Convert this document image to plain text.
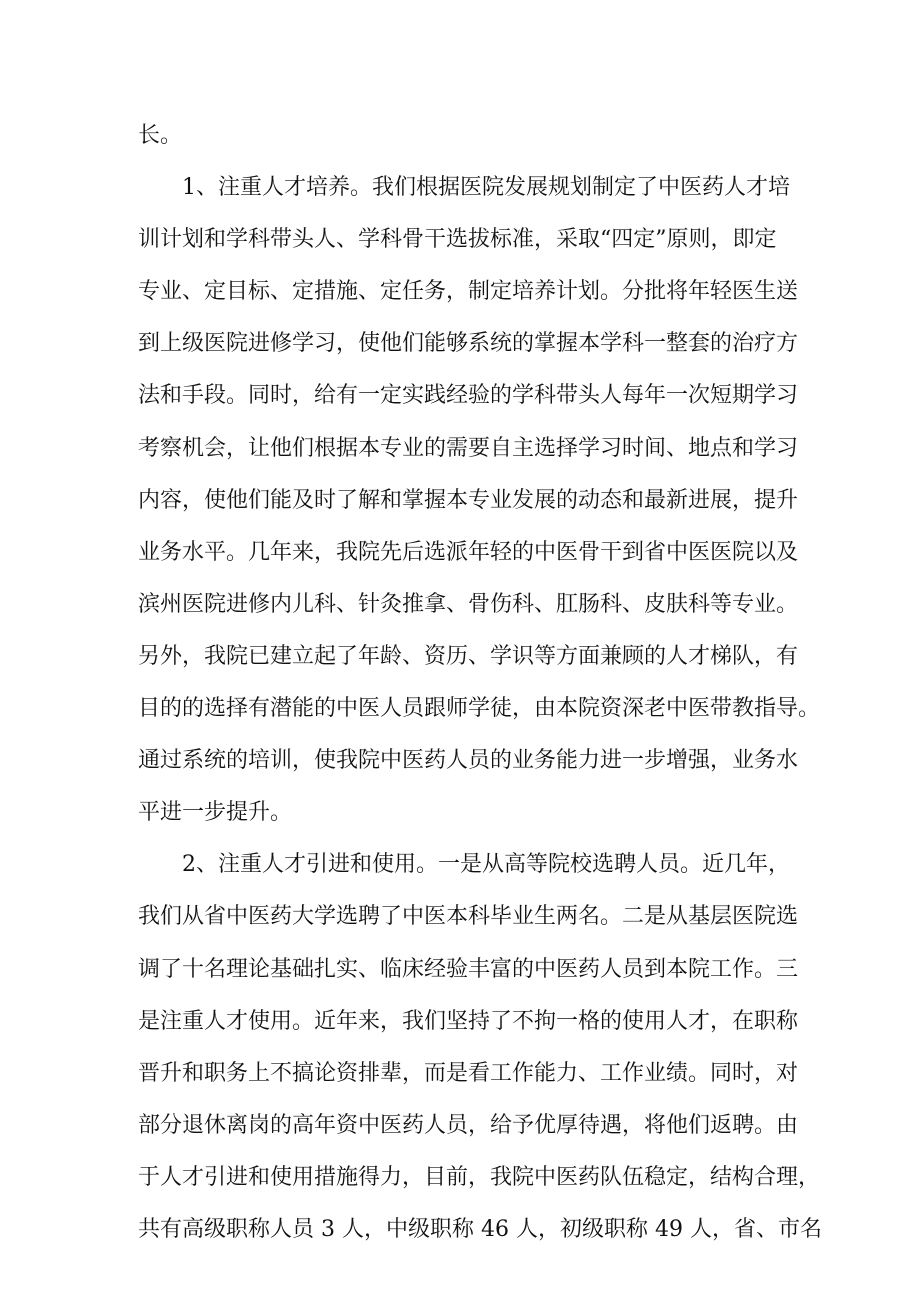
长。
1、注重人才培养。我们根据医院发展规划制定了中医药人才培
训计划和学科带头人、学科骨干选拔标准，采取“四定”原则，即定
专业、定目标、定措施、定任务，制定培养计划。分批将年轻医生送
到上级医院进修学习，使他们能够系统的掌握本学科一整套的治疗方
法和手段。同时，给有一定实践经验的学科带头人每年一次短期学习
考察机会，让他们根据本专业的需要自主选择学习时间、地点和学习
内容，使他们能及时了解和掌握本专业发展的动态和最新进展，提升
业务水平。几年来，我院先后选派年轻的中医骨干到省中医医院以及
滨州医院进修内儿科、针灸推拿、骨伤科、肛肠科、皮肤科等专业。
另外，我院已建立起了年龄、资历、学识等方面兼顾的人才梯队，有
目的的选择有潜能的中医人员跟师学徒，由本院资深老中医带教指导。
通过系统的培训，使我院中医药人员的业务能力进一步增强，业务水
平进一步提升。
2、注重人才引进和使用。一是从高等院校选聘人员。近几年，
我们从省中医药大学选聘了中医本科毕业生两名。二是从基层医院选
调了十名理论基础扎实、临床经验丰富的中医药人员到本院工作。三
是注重人才使用。近年来，我们坚持了不拘一格的使用人才，在职称
晋升和职务上不搞论资排辈，而是看工作能力、工作业绩。同时，对
部分退休离岗的高年资中医药人员，给予优厚待遇，将他们返聘。由
于人才引进和使用措施得力，目前，我院中医药队伍稳定，结构合理，
共有高级职称人员 3 人，中级职称 46 人，初级职称 49 人，省、市名
